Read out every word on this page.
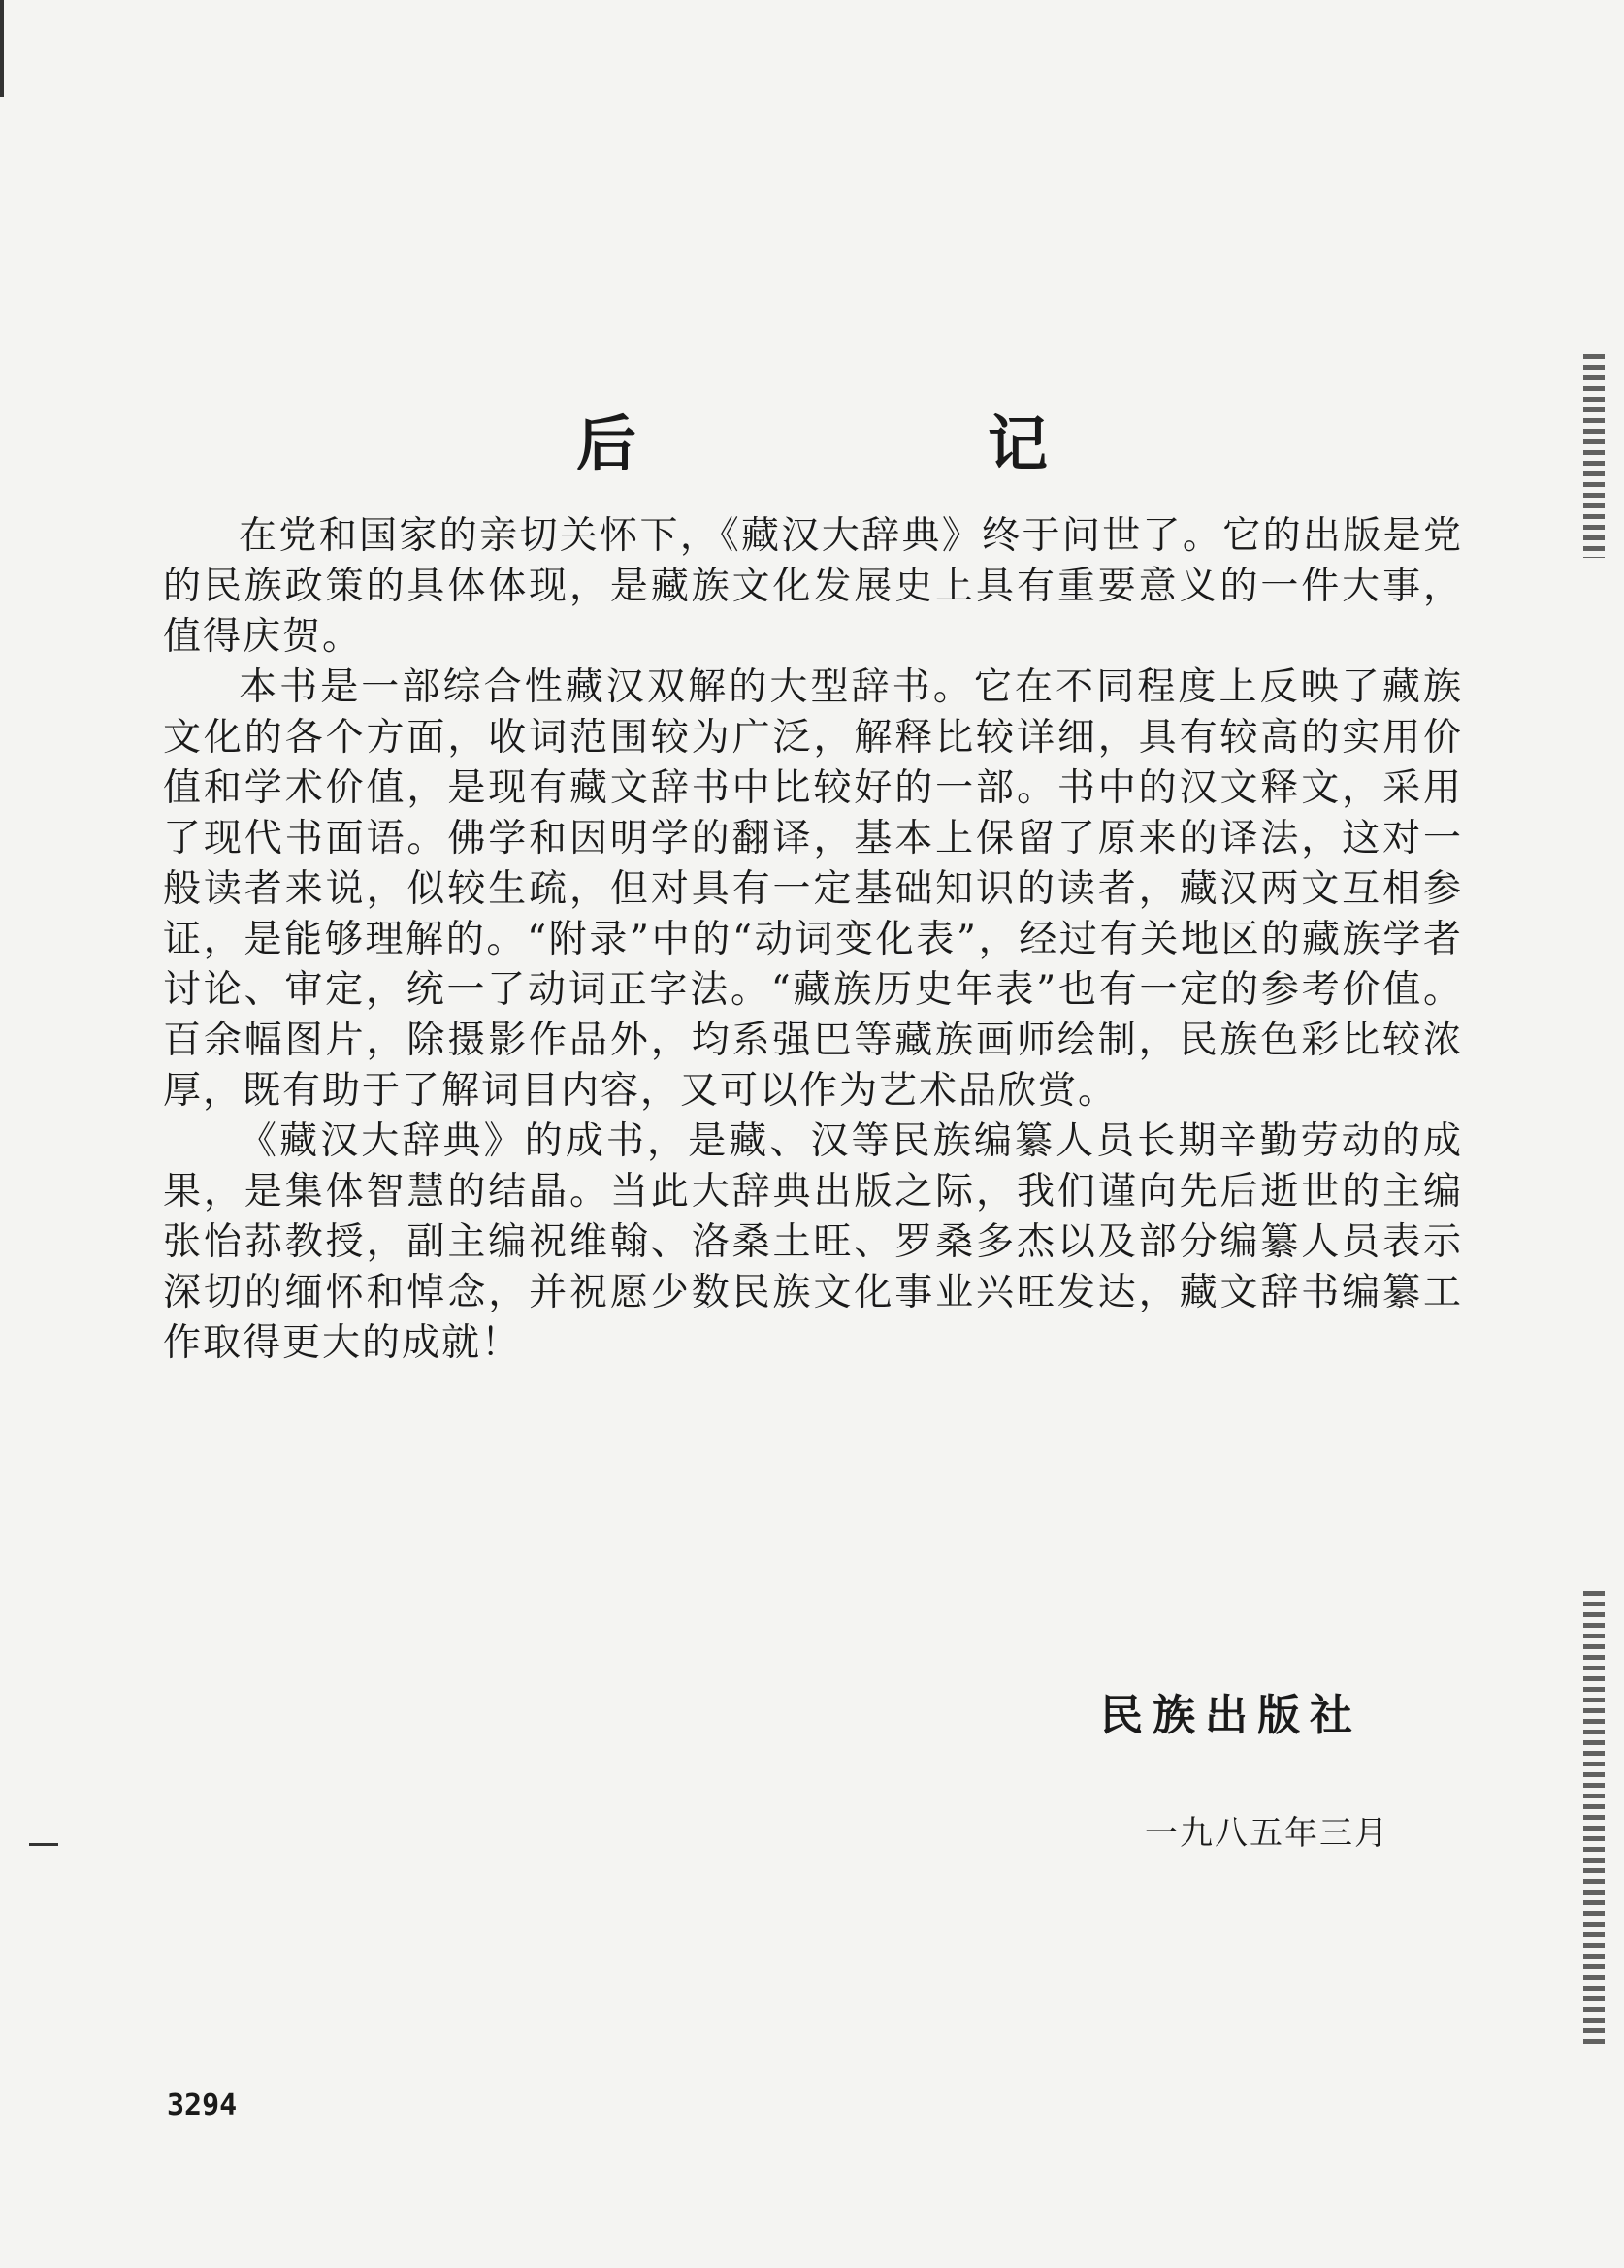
后　记

在党和国家的亲切关怀下，《藏汉大辞典》终于问世了。它的出版是党的民族政策的具体体现，是藏族文化发展史上具有重要意义的一件大事，值得庆贺。

本书是一部综合性藏汉双解的大型辞书。它在不同程度上反映了藏族文化的各个方面，收词范围较为广泛，解释比较详细，具有较高的实用价值和学术价值，是现有藏文辞书中比较好的一部。书中的汉文释文，采用了现代书面语。佛学和因明学的翻译，基本上保留了原来的译法，这对一般读者来说，似较生疏，但对具有一定基础知识的读者，藏汉两文互相参证，是能够理解的。“附录”中的“动词变化表”，经过有关地区的藏族学者讨论、审定，统一了动词正字法。“藏族历史年表”也有一定的参考价值。百余幅图片，除摄影作品外，均系强巴等藏族画师绘制，民族色彩比较浓厚，既有助于了解词目内容，又可以作为艺术品欣赏。

《藏汉大辞典》的成书，是藏、汉等民族编纂人员长期辛勤劳动的成果，是集体智慧的结晶。当此大辞典出版之际，我们谨向先后逝世的主编张怡荪教授，副主编祝维翰、洛桑土旺、罗桑多杰以及部分编纂人员表示深切的缅怀和悼念，并祝愿少数民族文化事业兴旺发达，藏文辞书编纂工作取得更大的成就！

民族出版社
一九八五年三月
3294
